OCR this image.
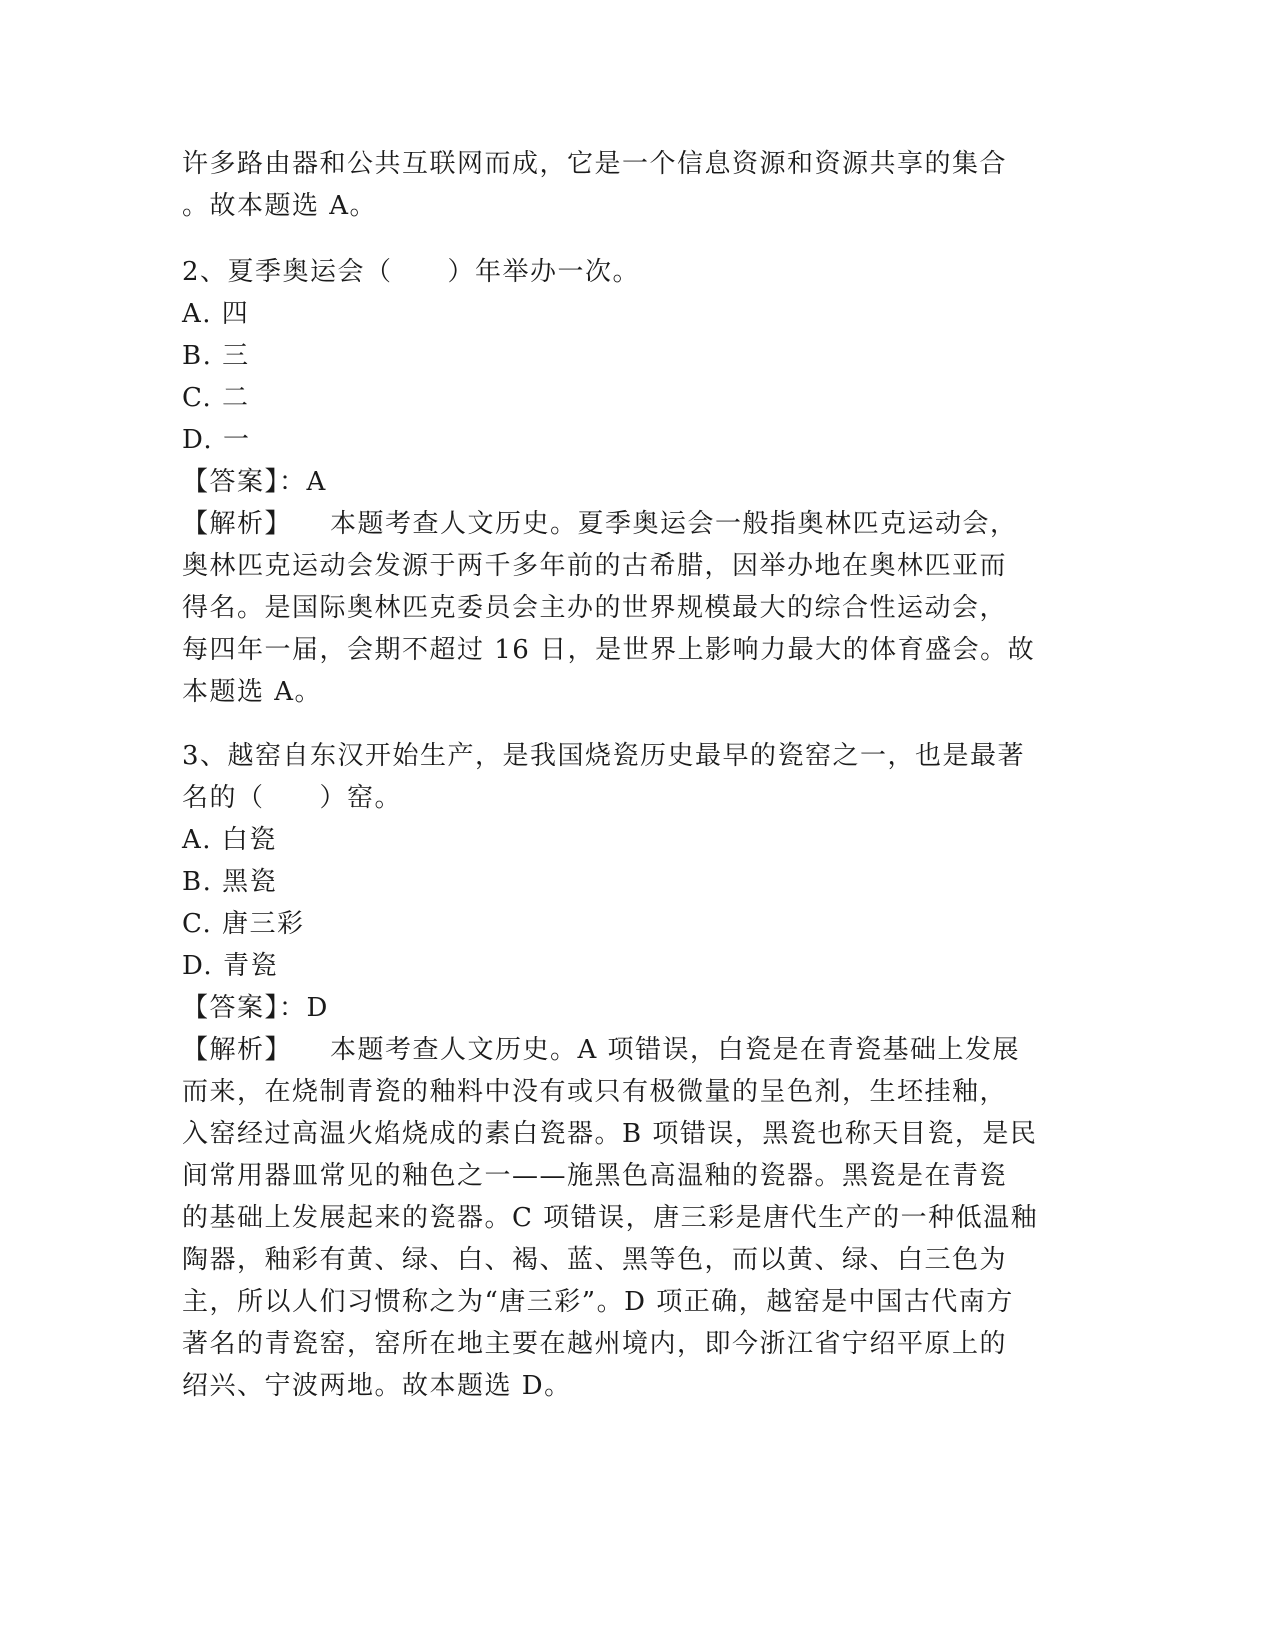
许多路由器和公共互联网而成，它是一个信息资源和资源共享的集合
。故本题选 A。
2、夏季奥运会（　　）年举办一次。
A. 四
B. 三
C. 二
D. 一
【答案】：A
【解析】 本题考查人文历史。夏季奥运会一般指奥林匹克运动会，
奥林匹克运动会发源于两千多年前的古希腊，因举办地在奥林匹亚而
得名。是国际奥林匹克委员会主办的世界规模最大的综合性运动会，
每四年一届，会期不超过 16 日，是世界上影响力最大的体育盛会。故
本题选 A。
3、越窑自东汉开始生产，是我国烧瓷历史最早的瓷窑之一，也是最著
名的（　　）窑。
A. 白瓷
B. 黑瓷
C. 唐三彩
D. 青瓷
【答案】：D
【解析】 本题考查人文历史。A 项错误，白瓷是在青瓷基础上发展
而来，在烧制青瓷的釉料中没有或只有极微量的呈色剂，生坯挂釉，
入窑经过高温火焰烧成的素白瓷器。B 项错误，黑瓷也称天目瓷，是民
间常用器皿常见的釉色之一——施黑色高温釉的瓷器。黑瓷是在青瓷
的基础上发展起来的瓷器。C 项错误，唐三彩是唐代生产的一种低温釉
陶器，釉彩有黄、绿、白、褐、蓝、黑等色，而以黄、绿、白三色为
主，所以人们习惯称之为“唐三彩”。D 项正确，越窑是中国古代南方
著名的青瓷窑，窑所在地主要在越州境内，即今浙江省宁绍平原上的
绍兴、宁波两地。故本题选 D。
